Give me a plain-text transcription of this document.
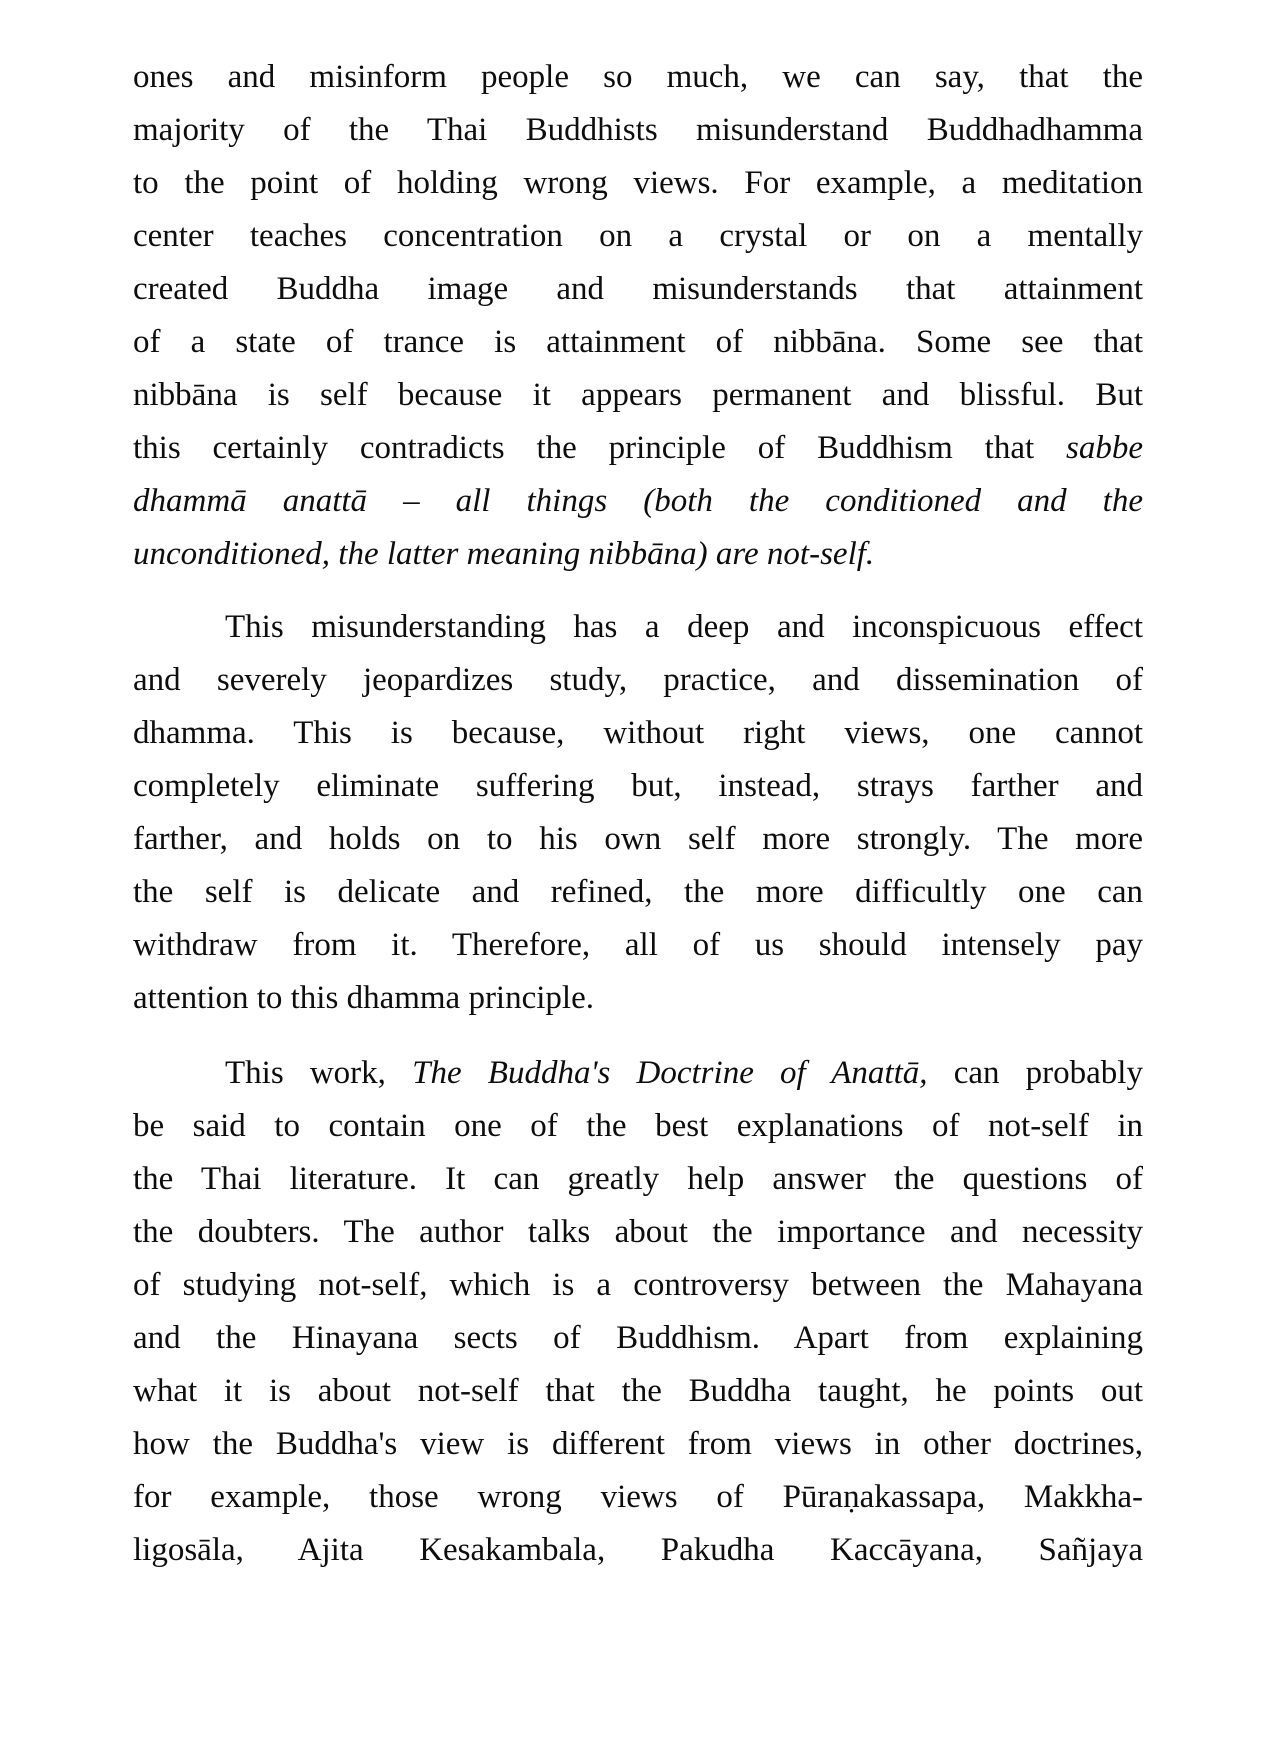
ones and misinform people so much, we can say, that the
majority of the Thai Buddhists misunderstand Buddhadhamma
to the point of holding wrong views. For example, a meditation
center teaches concentration on a crystal or on a mentally
created Buddha image and misunderstands that attainment
of a state of trance is attainment of nibbāna. Some see that
nibbāna is self because it appears permanent and blissful. But
this certainly contradicts the principle of Buddhism that sabbe
dhammā anattā – all things (both the conditioned and the
unconditioned, the latter meaning nibbāna) are not-self.
This misunderstanding has a deep and inconspicuous effect
and severely jeopardizes study, practice, and dissemination of
dhamma. This is because, without right views, one cannot
completely eliminate suffering but, instead, strays farther and
farther, and holds on to his own self more strongly. The more
the self is delicate and refined, the more difficultly one can
withdraw from it. Therefore, all of us should intensely pay
attention to this dhamma principle.
This work, The Buddha's Doctrine of Anattā, can probably
be said to contain one of the best explanations of not-self in
the Thai literature. It can greatly help answer the questions of
the doubters. The author talks about the importance and necessity
of studying not-self, which is a controversy between the Mahayana
and the Hinayana sects of Buddhism. Apart from explaining
what it is about not-self that the Buddha taught, he points out
how the Buddha's view is different from views in other doctrines,
for example, those wrong views of Pūraṇakassapa, Makkha-
ligosāla, Ajita Kesakambala, Pakudha Kaccāyana, Sañjaya
